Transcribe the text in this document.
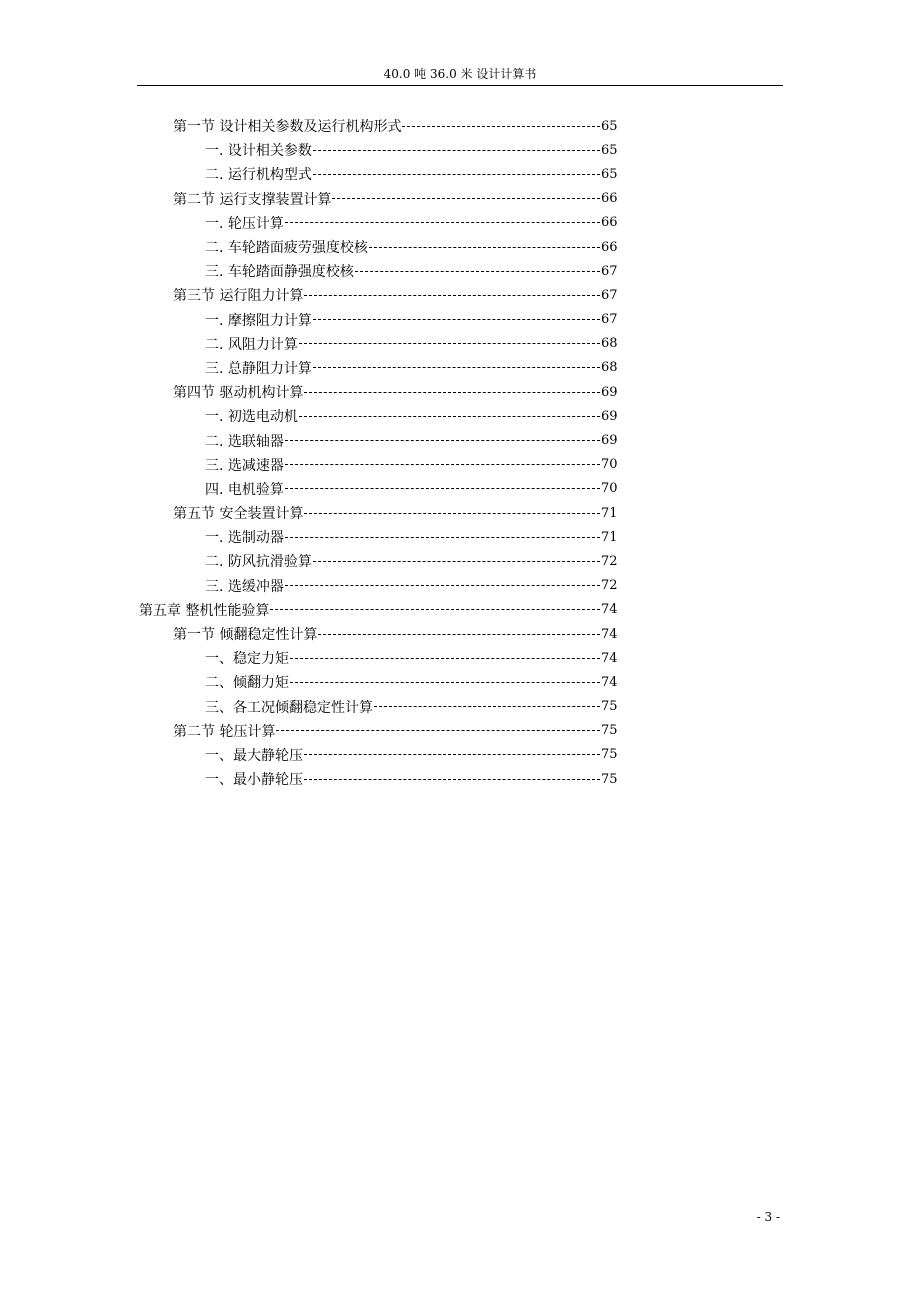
40.0 吨 36.0 米 设计计算书
第一节 设计相关参数及运行机构形式	65
一. 设计相关参数	65
二. 运行机构型式	65
第二节 运行支撑装置计算	66
一. 轮压计算	66
二. 车轮踏面疲劳强度校核	66
三. 车轮踏面静强度校核	67
第三节 运行阻力计算	67
一. 摩擦阻力计算	67
二. 风阻力计算	68
三. 总静阻力计算	68
第四节 驱动机构计算	69
一. 初选电动机	69
二. 选联轴器	69
三. 选减速器	70
四. 电机验算	70
第五节 安全装置计算	71
一. 选制动器	71
二. 防风抗滑验算	72
三. 选缓冲器	72
第五章 整机性能验算	74
第一节 倾翻稳定性计算	74
一、稳定力矩	74
二、倾翻力矩	74
三、各工况倾翻稳定性计算	75
第二节 轮压计算	75
一、最大静轮压	75
一、最小静轮压	75
- 3 -
